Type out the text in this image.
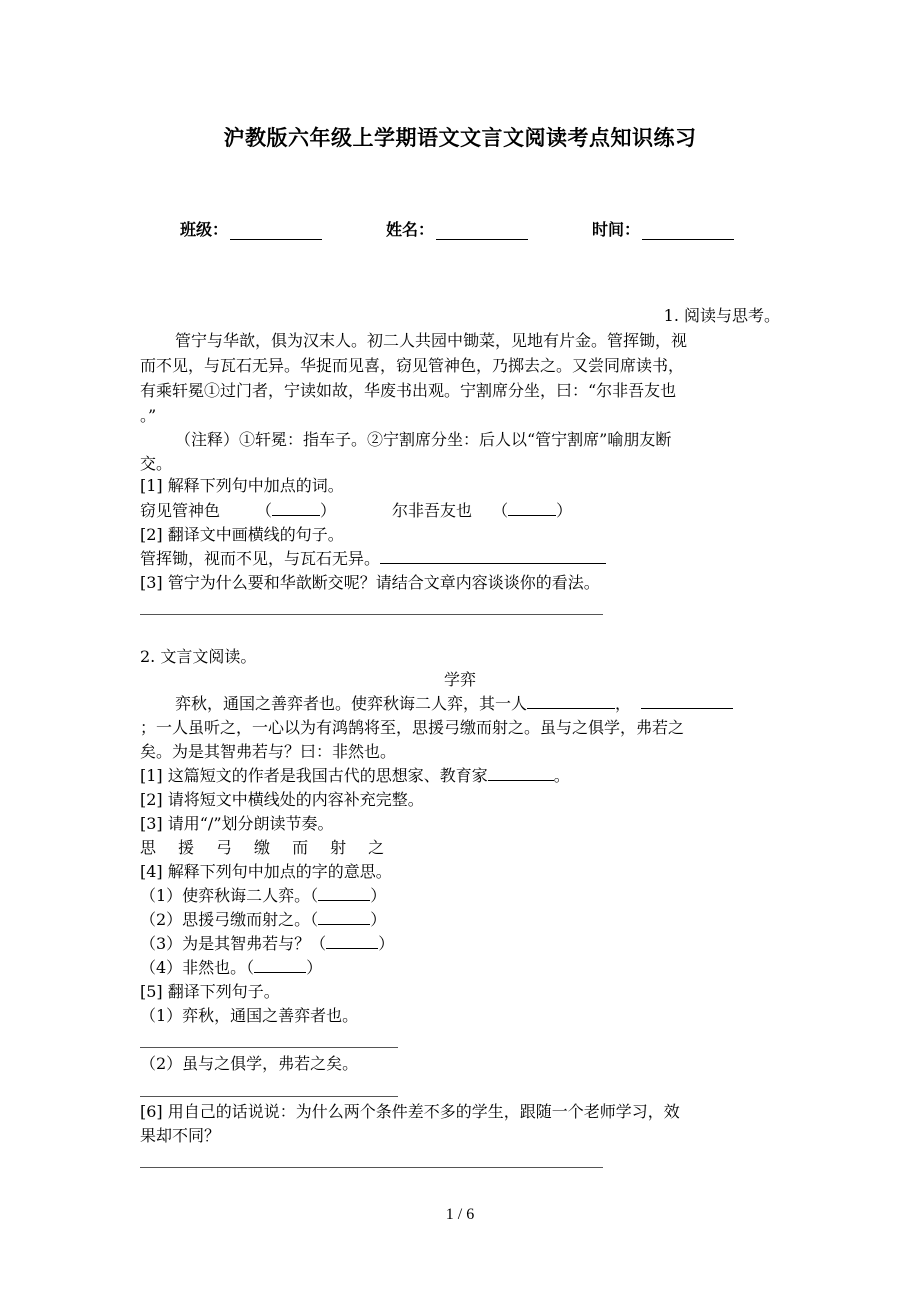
沪教版六年级上学期语文文言文阅读考点知识练习
班级：	姓名：	时间：
1. 阅读与思考。
管宁与华歆，俱为汉末人。初二人共园中锄菜，见地有片金。管挥锄，视
而不见，与瓦石无异。华捉而见喜，窃见管神色，乃掷去之。又尝同席读书，
有乘轩冕①过门者，宁读如故，华废书出观。宁割席分坐，曰：“尔非吾友也
。”
（注释）①轩冕：指车子。②宁割席分坐：后人以“管宁割席”喻朋友断
交。
[1] 解释下列句中加点的词。
窃见管神色 （	）	尔非吾友也 （	）
[2] 翻译文中画横线的句子。
管挥锄，视而不见，与瓦石无异。
[3] 管宁为什么要和华歆断交呢？请结合文章内容谈谈你的看法。
2. 文言文阅读。
学弈
弈秋，通国之善弈者也。使弈秋诲二人弈，其一人	，
；一人虽听之，一心以为有鸿鹄将至，思援弓缴而射之。虽与之俱学，弗若之
矣。为是其智弗若与？曰：非然也。
[1] 这篇短文的作者是我国古代的思想家、教育家	。
[2] 请将短文中横线处的内容补充完整。
[3] 请用“/”划分朗读节奏。
思 援 弓 缴 而 射 之
[4] 解释下列句中加点的字的意思。
（1）使弈秋诲二人弈。（	）
（2）思援弓缴而射之。（	）
（3）为是其智弗若与？（	）
（4）非然也。（	）
[5] 翻译下列句子。
（1）弈秋，通国之善弈者也。
（2）虽与之俱学，弗若之矣。
[6] 用自己的话说说：为什么两个条件差不多的学生，跟随一个老师学习，效
果却不同？
1 / 6
